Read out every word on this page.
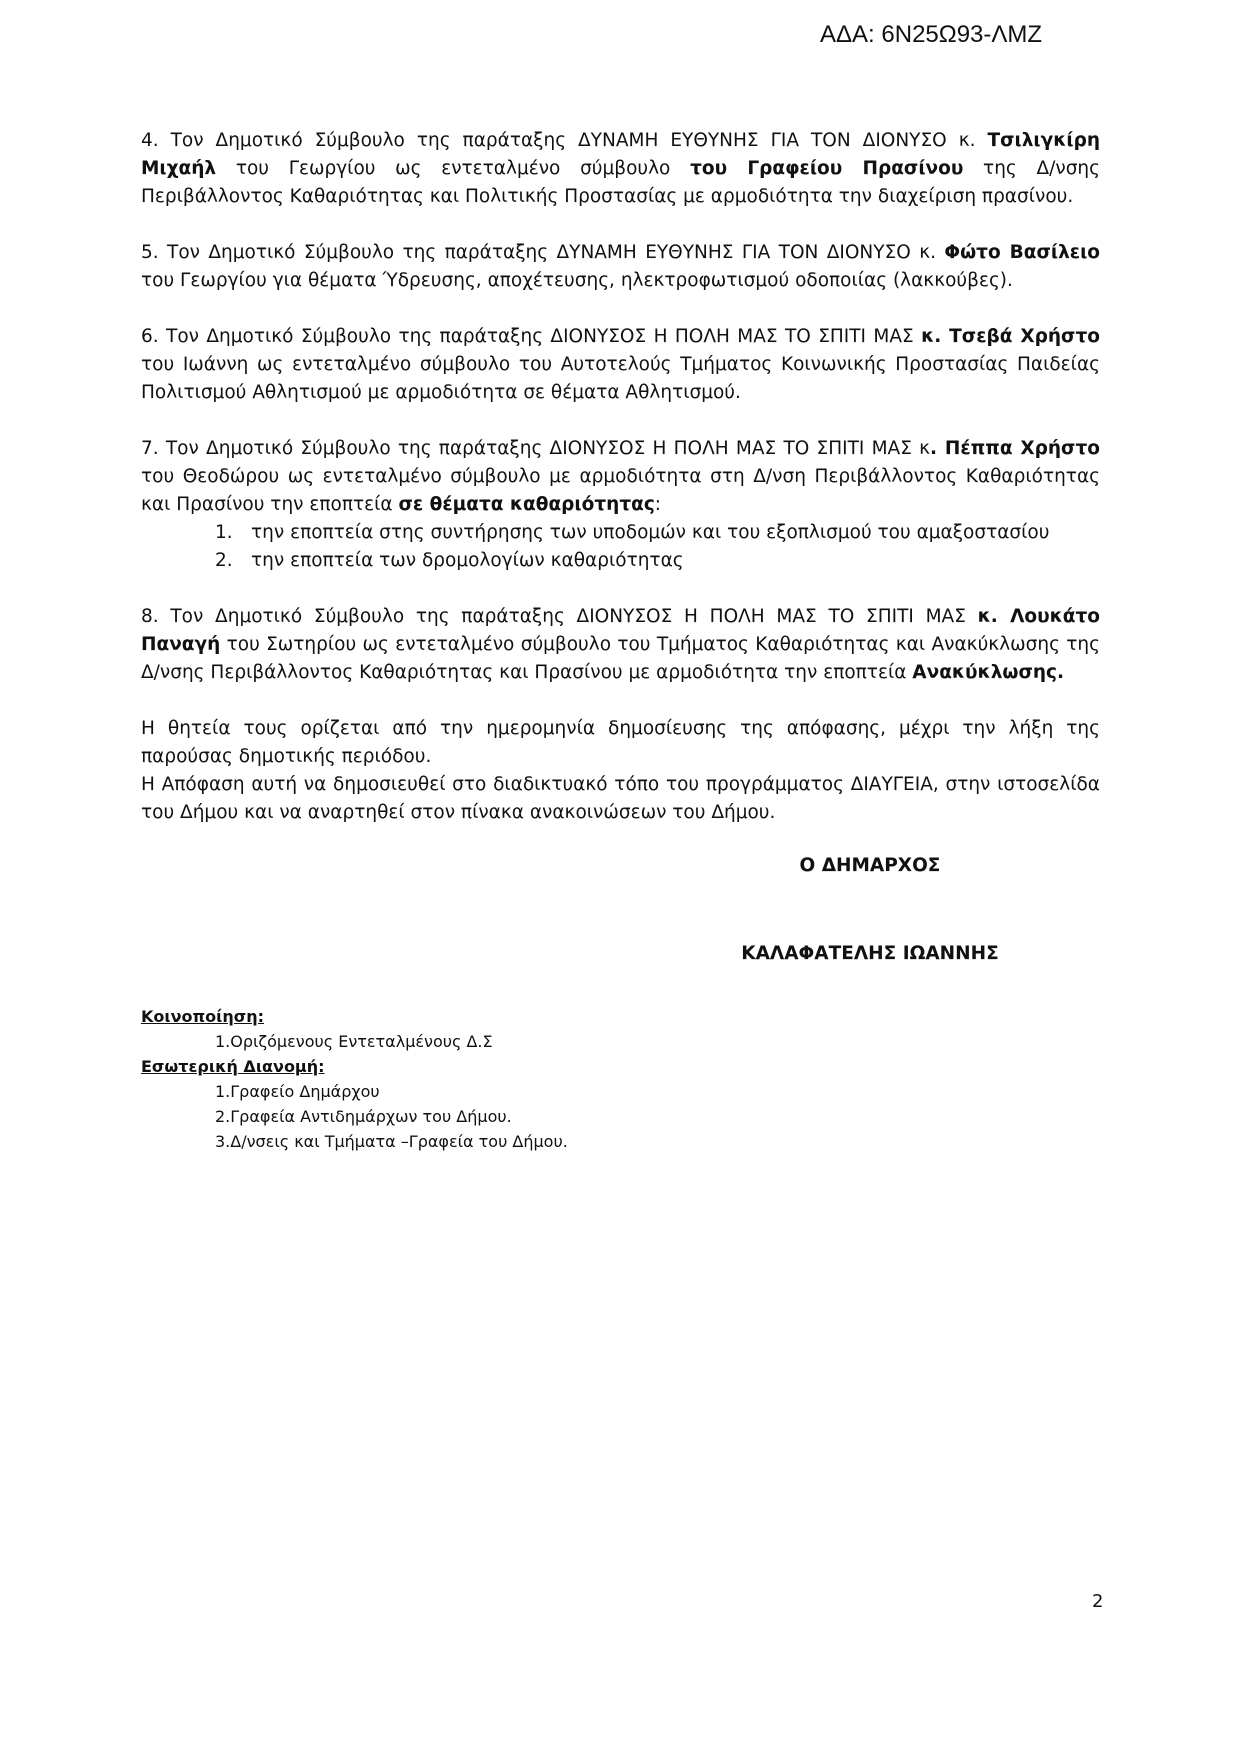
ΑΔΑ: 6Ν25Ω93-ΛΜΖ

4. Τον Δημοτικό Σύμβουλο της παράταξης ΔΥΝΑΜΗ ΕΥΘΥΝΗΣ ΓΙΑ ΤΟΝ ΔΙΟΝΥΣΟ κ. Τσιλιγκίρη Μιχαήλ του Γεωργίου ως εντεταλμένο σύμβουλο του Γραφείου Πρασίνου της Δ/νσης Περιβάλλοντος Καθαριότητας και Πολιτικής Προστασίας με αρμοδιότητα την διαχείριση πρασίνου.

5. Τον Δημοτικό Σύμβουλο της παράταξης ΔΥΝΑΜΗ ΕΥΘΥΝΗΣ ΓΙΑ ΤΟΝ ΔΙΟΝΥΣΟ κ. Φώτο Βασίλειο του Γεωργίου για θέματα Ύδρευσης, αποχέτευσης, ηλεκτροφωτισμού οδοποιίας (λακκούβες).

6. Τον Δημοτικό Σύμβουλο της παράταξης ΔΙΟΝΥΣΟΣ Η ΠΟΛΗ ΜΑΣ ΤΟ ΣΠΙΤΙ ΜΑΣ κ. Τσεβά Χρήστο του Ιωάννη ως εντεταλμένο σύμβουλο του Αυτοτελούς Τμήματος Κοινωνικής Προστασίας Παιδείας Πολιτισμού Αθλητισμού με αρμοδιότητα σε θέματα Αθλητισμού.

7. Τον Δημοτικό Σύμβουλο της παράταξης ΔΙΟΝΥΣΟΣ Η ΠΟΛΗ ΜΑΣ ΤΟ ΣΠΙΤΙ ΜΑΣ κ. Πέππα Χρήστο του Θεοδώρου ως εντεταλμένο σύμβουλο με αρμοδιότητα στη Δ/νση Περιβάλλοντος Καθαριότητας και Πρασίνου την εποπτεία σε θέματα καθαριότητας:

1. την εποπτεία στης συντήρησης των υποδομών και του εξοπλισμού του αμαξοστασίου
2. την εποπτεία των δρομολογίων καθαριότητας

8. Τον Δημοτικό Σύμβουλο της παράταξης ΔΙΟΝΥΣΟΣ Η ΠΟΛΗ ΜΑΣ ΤΟ ΣΠΙΤΙ ΜΑΣ κ. Λουκάτο Παναγή του Σωτηρίου ως εντεταλμένο σύμβουλο του Τμήματος Καθαριότητας και Ανακύκλωσης της Δ/νσης Περιβάλλοντος Καθαριότητας και Πρασίνου με αρμοδιότητα την εποπτεία Ανακύκλωσης.

Η θητεία τους ορίζεται από την ημερομηνία δημοσίευσης της απόφασης, μέχρι την λήξη της παρούσας δημοτικής περιόδου.

Η Απόφαση αυτή να δημοσιευθεί στο διαδικτυακό τόπο του προγράμματος ΔΙΑΥΓΕΙΑ, στην ιστοσελίδα του Δήμου και να αναρτηθεί στον πίνακα ανακοινώσεων του Δήμου.

Ο ΔΗΜΑΡΧΟΣ
ΚΑΛΑΦΑΤΕΛΗΣ ΙΩΑΝΝΗΣ
Κοινοποίηση:
1.Οριζόμενους Εντεταλμένους Δ.Σ
Εσωτερική Διανομή:
1.Γραφείο Δημάρχου
2.Γραφεία Αντιδημάρχων του Δήμου.
3.Δ/νσεις και Τμήματα –Γραφεία του Δήμου.
2
